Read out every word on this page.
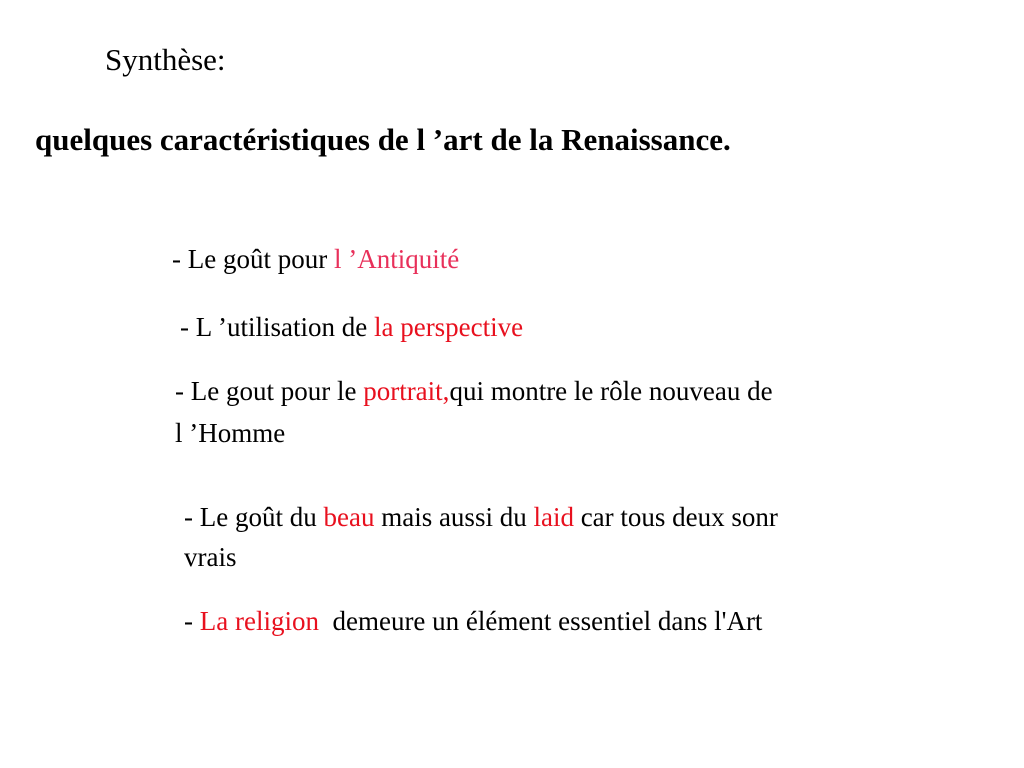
Synthèse:
quelques caractéristiques de l ’art de la Renaissance.
- Le goût pour l ’Antiquité
- L ’utilisation de la perspective
- Le gout pour le portrait,qui montre le rôle nouveau de
l ’Homme
- Le goût du beau mais aussi du laid car tous deux sonr
vrais
- La religion  demeure un élément essentiel dans l'Art
